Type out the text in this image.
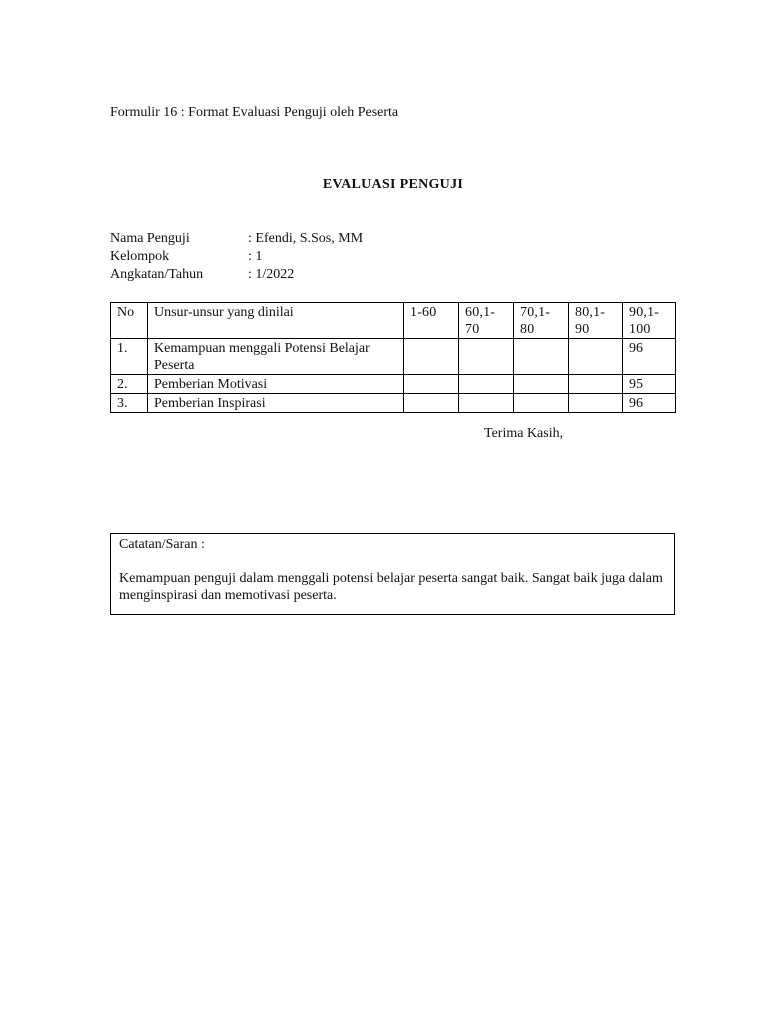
Formulir 16 : Format Evaluasi Penguji oleh Peserta
EVALUASI PENGUJI
Nama Penguji	: Efendi, S.Sos, MM
Kelompok	: 1
Angkatan/Tahun	: 1/2022
No	Unsur-unsur yang dinilai	1-60	60,1-70	70,1-80	80,1-90	90,1-100
1.	Kemampuan menggali Potensi Belajar Peserta					96
2.	Pemberian Motivasi					95
3.	Pemberian Inspirasi					96
Terima Kasih,
Catatan/Saran :
Kemampuan penguji dalam menggali potensi belajar peserta sangat baik. Sangat baik juga dalam menginspirasi dan memotivasi peserta.
